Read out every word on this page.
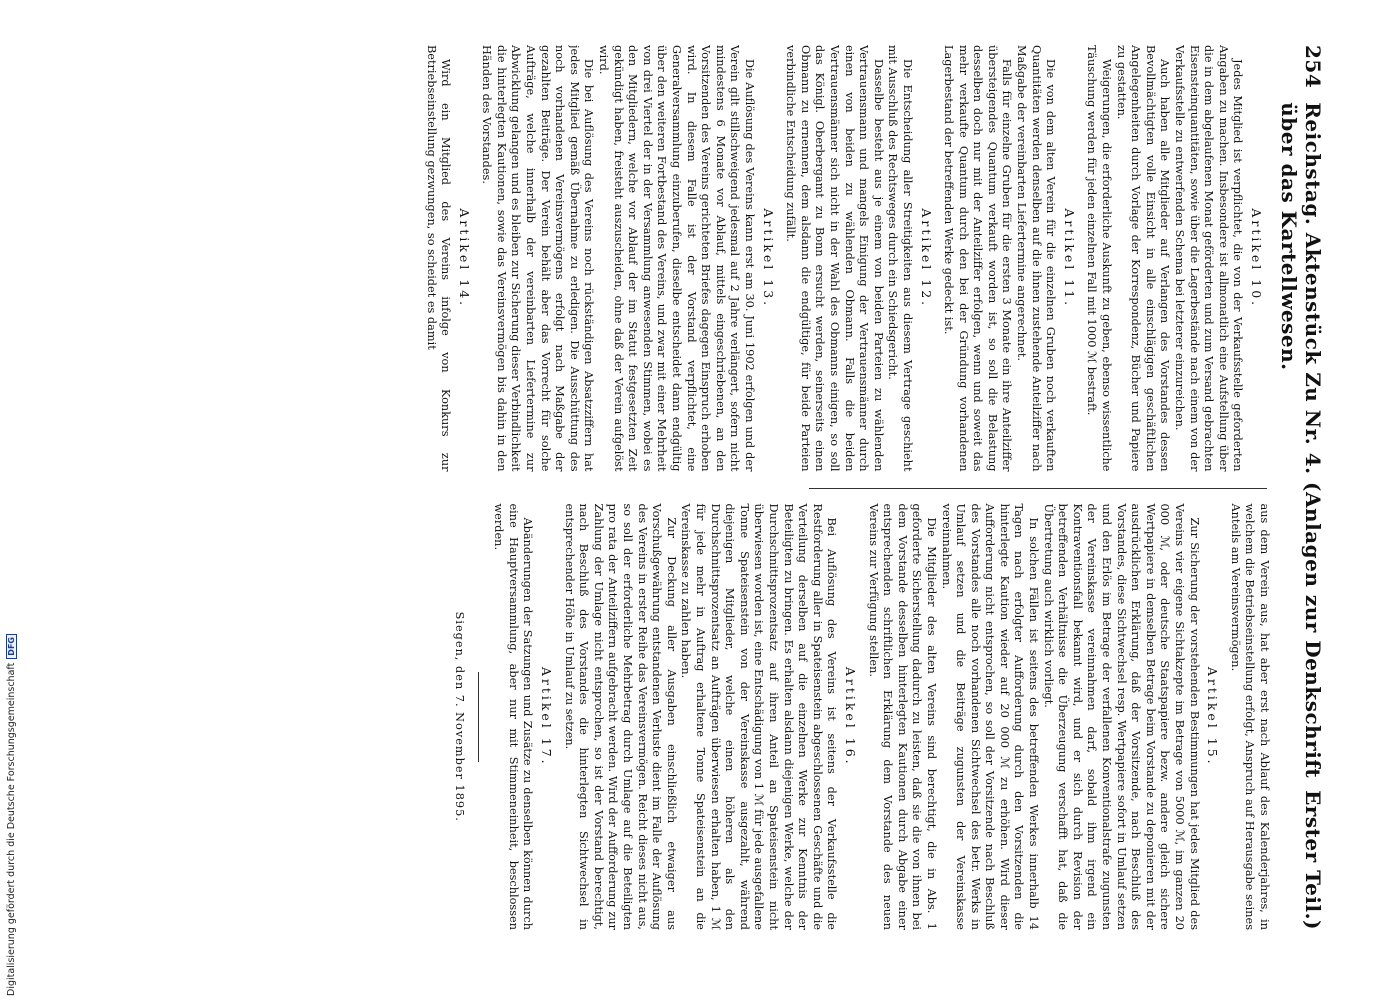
254
Reichstag. Aktenstück Zu Nr. 4. (Anlagen zur Denkschrift über das Kartellwesen.
Erster Teil.)
Artikel 10.

Jedes Mitglied ist verpflichtet, die von der Verkaufsstelle geforderten Angaben zu machen. Insbesondere ist allmonatlich eine Aufstellung über die in dem abgelaufenen Monat geförderten und zum Versand gebrachten Eisensteinquantitäten, sowie über die Lagerbestände nach einem von der Verkaufsstelle zu entwerfenden Schema bei letzterer einzureichen.

Auch haben alle Mitglieder auf Verlangen des Vorstandes dessen Bevollmächtigten volle Einsicht in alle einschlägigen geschäftlichen Angelegenheiten durch Vorlage der Korrespondenz, Bücher und Papiere zu gestatten.

Weigerungen, die erforderliche Auskunft zu geben, ebenso wissentliche Täuschung werden für jeden einzelnen Fall mit 1000 ℳ bestraft.

Artikel 11.

Die von dem alten Verein für die einzelnen Gruben noch verkauften Quantitäten werden denselben auf die ihnen zustehende Anteilziffer nach Maßgabe der vereinbarten Liefertermine angerechnet.

Falls für einzelne Gruben für die ersten 3 Monate ein ihre Anteilziffer übersteigendes Quantum verkauft worden ist, so soll die Belastung desselben doch nur mit der Anteilziffer erfolgen, wenn und soweit das mehr verkaufte Quantum durch den bei der Gründung vorhandenen Lagerbestand der betreffenden Werke gedeckt ist.

Artikel 12.

Die Entscheidung aller Streitigkeiten aus diesem Vertrage geschieht mit Ausschluß des Rechtsweges durch ein Schiedsgericht.

Dasselbe besteht aus je einem von beiden Parteien zu wählenden Vertrauensmann und mangels Einigung der Vertrauensmänner durch einen von beiden zu wählenden Obmann. Falls die beiden Vertrauensmänner sich nicht in der Wahl des Obmanns einigen, so soll das Königl. Oberbergamt zu Bonn ersucht werden, seinerseits einen Obmann zu ernennen, dem alsdann die endgültige, für beide Parteien verbindliche Entscheidung zufällt.

Artikel 13.

Die Auflösung des Vereins kann erst am 30. Juni 1902 erfolgen und der Verein gilt stillschweigend jedesmal auf 2 Jahre verlängert, sofern nicht mindestens 6 Monate vor Ablauf, mittels eingeschriebenen, an den Vorsitzenden des Vereins gerichteten Briefes dagegen Einspruch erhoben wird. In diesem Falle ist der Vorstand verpflichtet, eine Generalversammlung einzuberufen, dieselbe entscheidet dann endgültig über den weiteren Fortbestand des Vereins, und zwar mit einer Mehrheit von drei Viertel der in der Versammlung anwesenden Stimmen, wobei es den Mitgliedern, welche vor Ablauf der im Statut festgesetzten Zeit gekündigt haben, freisteht auszuscheiden, ohne daß der Verein aufgelöst wird.

Die bei Auflösung des Vereins noch rückständigen Absatzziffern hat jedes Mitglied gemäß Übernahme zu erledigen. Die Ausschüttung des noch vorhandenen Vereinsvermögens erfolgt nach Maßgabe der gezahlten Beiträge. Der Verein behält aber das Vorrecht für solche Aufträge, welche innerhalb der vereinbarten Liefertermine zur Abwicklung gelangen und es bleiben zur Sicherung dieser Verbindlichkeit die hinterlegten Kautionen, sowie das Vereinsvermögen bis dahin in den Händen des Vorstandes.

Artikel 14.

Wird ein Mitglied des Vereins infolge von Konkurs zur Betriebseinstellung gezwungen, so scheidet es damit

aus dem Verein aus, hat aber erst nach Ablauf des Kalenderjahres, in welchem die Betriebseinstellung erfolgt, Anspruch auf Herausgabe seines Anteils am Vereinsvermögen.

Artikel 15.

Zur Sicherung der vorstehenden Bestimmungen hat jedes Mitglied des Vereins vier eigene Sichtakzepte im Betrage von 5000 ℳ, im ganzen 20 000 ℳ, oder deutsche Staatspapiere bezw. andere gleich sichere Wertpapiere in demselben Betrage beim Vorstande zu deponieren mit der ausdrücklichen Erklärung, daß der Vorsitzende, nach Beschluß des Vorstandes, diese Sichtwechsel resp. Wertpapiere sofort in Umlauf setzen und den Erlös im Betrage der verfallenen Konventionalstrafe zugunsten der Vereinskasse vereinnahmen darf, sobald ihm irgend ein Kontraventionsfall bekannt wird, und er sich durch Revision der betreffenden Verhältnisse die Überzeugung verschafft hat, daß die Übertretung auch wirklich vorliegt.

In solchen Fällen ist seitens des betreffenden Werkes innerhalb 14 Tagen nach erfolgter Aufforderung durch den Vorsitzenden die hinterlegte Kaution wieder auf 20 000 ℳ zu erhöhen. Wird dieser Aufforderung nicht entsprochen, so soll der Vorsitzende nach Beschluß des Vorstandes alle noch vorhandenen Sichtwechsel des betr. Werks in Umlauf setzen und die Beiträge zugunsten der Vereinskasse vereinnahmen.

Die Mitglieder des alten Vereins sind berechtigt, die in Abs. 1 geforderte Sicherstellung dadurch zu leisten, daß sie die von ihnen bei dem Vorstande desselben hinterlegten Kautionen durch Abgabe einer entsprechenden schriftlichen Erklärung dem Vorstande des neuen Vereins zur Verfügung stellen.

Artikel 16.

Bei Auflösung des Vereins ist seitens der Verkaufsstelle die Restforderung aller in Spateisenstein abgeschlossenen Geschäfte und die Verteilung derselben auf die einzelnen Werke zur Kenntnis der Beteiligten zu bringen. Es erhalten alsdann diejenigen Werke, welche der Durchschnittsprozentsatz auf ihren Anteil an Spateisenstein nicht überwiesen worden ist, eine Entschädigung von 1 ℳ für jede ausgefallene Tonne Spateisenstein von der Vereinskasse ausgezahlt, während diejenigen Mitglieder, welche einen höheren als den Durchschnittsprozentsatz an Aufträgen überwiesen erhalten haben, 1 ℳ für jede mehr in Auftrag erhaltene Tonne Spateisenstein an die Vereinskasse zu zahlen haben.

Zur Deckung aller Ausgaben einschließlich etwaiger aus Vorschußgewährung entstandenen Verluste dient im Falle der Auflösung des Vereins in erster Reihe das Vereinsvermögen. Reicht dieses nicht aus, so soll der erforderliche Mehrbetrag durch Umlage auf die Beteiligten pro rata der Anteilziffern aufgebracht werden. Wird der Aufforderung zur Zahlung der Umlage nicht entsprochen, so ist der Vorstand berechtigt, nach Beschluß des Vorstandes die hinterlegten Sichtwechsel in entsprechender Höhe in Umlauf zu setzen.

Artikel 17.

Abänderungen der Satzungen und Zusätze zu denselben können durch eine Hauptversammlung, aber nur mit Stimmeneinheit, beschlossen werden.

Siegen, den 7. November 1895.
Digitalisierung gefördert durch die Deutsche Forschungsgemeinschaft
DFG
